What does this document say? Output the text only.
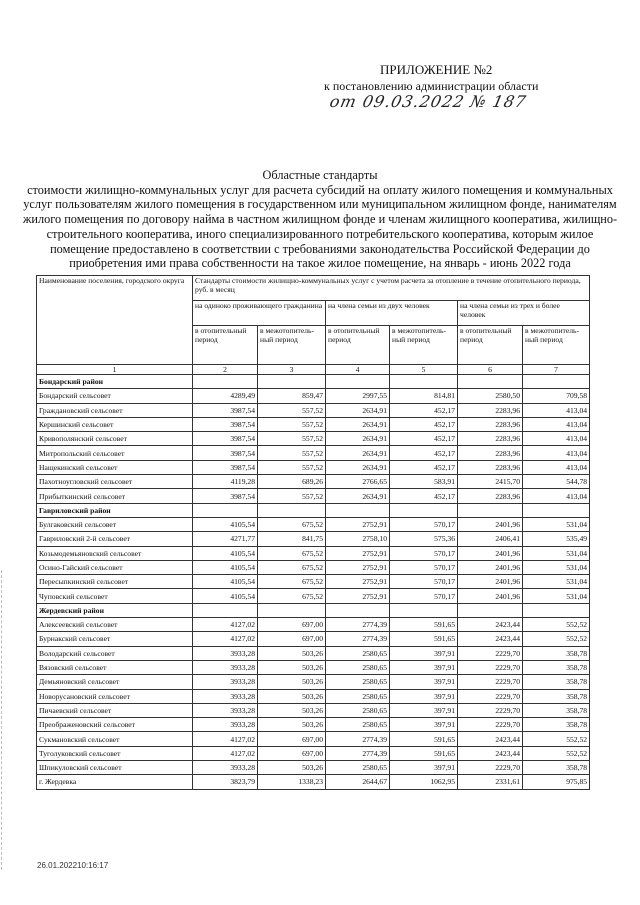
ПРИЛОЖЕНИЕ №2
к постановлению администрации области
от 09.03.2022 № 187
Областные стандарты
стоимости жилищно-коммунальных услуг для расчета субсидий на оплату жилого помещения и коммунальных услуг пользователям жилого помещения в государственном или муниципальном жилищном фонде, нанимателям жилого помещения по договору найма в частном жилищном фонде и членам жилищного кооператива, жилищно-строительного кооператива, иного специализированного потребительского кооператива, которым жилое помещение предоставлено в соответствии с требованиями законодательства Российской Федерации до приобретения ими права собственности на такое жилое помещение, на январь - июнь 2022 года
Наименование поселения, городского округа	Стандарты стоимости жилищно-коммунальных услуг с учетом расчета за отопление в течение отопительного периода, руб. в месяц					
	на одиноко проживающего гражданина		на члена семьи из двух человек		на члена семьи из трех и более человек	
	в отопительный период	в межотопитель-ный период	в отопительный период	в межотопитель-ный период	в отопительный период	в межотопитель-ный период
1	2	3	4	5	6	7
Бондарский район						
Бондарский сельсовет	4289,49	859,47	2997,55	814,81	2580,50	709,58
Граждановский сельсовет	3987,54	557,52	2634,91	452,17	2283,96	413,04
Кершинский сельсовет	3987,54	557,52	2634,91	452,17	2283,96	413,04
Кривополянский сельсовет	3987,54	557,52	2634,91	452,17	2283,96	413,04
Митропольский сельсовет	3987,54	557,52	2634,91	452,17	2283,96	413,04
Нащекинский сельсовет	3987,54	557,52	2634,91	452,17	2283,96	413,04
Пахотноугловский сельсовет	4119,28	689,26	2766,65	583,91	2415,70	544,78
Прибыткинский сельсовет	3987,54	557,52	2634,91	452,17	2283,96	413,04
Гавриловский район						
Булгаковский сельсовет	4105,54	675,52	2752,91	570,17	2401,96	531,04
Гавриловский 2-й сельсовет	4271,77	841,75	2758,10	575,36	2406,41	535,49
Козьмодемьяновский сельсовет	4105,54	675,52	2752,91	570,17	2401,96	531,04
Осино-Гайский сельсовет	4105,54	675,52	2752,91	570,17	2401,96	531,04
Пересыпкинский сельсовет	4105,54	675,52	2752,91	570,17	2401,96	531,04
Чуповский сельсовет	4105,54	675,52	2752,91	570,17	2401,96	531,04
Жердевский район						
Алексеевский сельсовет	4127,02	697,00	2774,39	591,65	2423,44	552,52
Бурнакский сельсовет	4127,02	697,00	2774,39	591,65	2423,44	552,52
Володарский сельсовет	3933,28	503,26	2580,65	397,91	2229,70	358,78
Вязовский сельсовет	3933,28	503,26	2580,65	397,91	2229,70	358,78
Демьяновский сельсовет	3933,28	503,26	2580,65	397,91	2229,70	358,78
Новорусановский сельсовет	3933,28	503,26	2580,65	397,91	2229,70	358,78
Пичаевский сельсовет	3933,28	503,26	2580,65	397,91	2229,70	358,78
Преображеновский сельсовет	3933,28	503,26	2580,65	397,91	2229,70	358,78
Сукмановский сельсовет	4127,02	697,00	2774,39	591,65	2423,44	552,52
Туголуковский сельсовет	4127,02	697,00	2774,39	591,65	2423,44	552,52
Шпикуловский сельсовет	3933,28	503,26	2580,65	397,91	2229,70	358,78
г. Жердевка	3823,79	1338,23	2644,67	1062,95	2331,61	975,85
26.01.202210:16:17
